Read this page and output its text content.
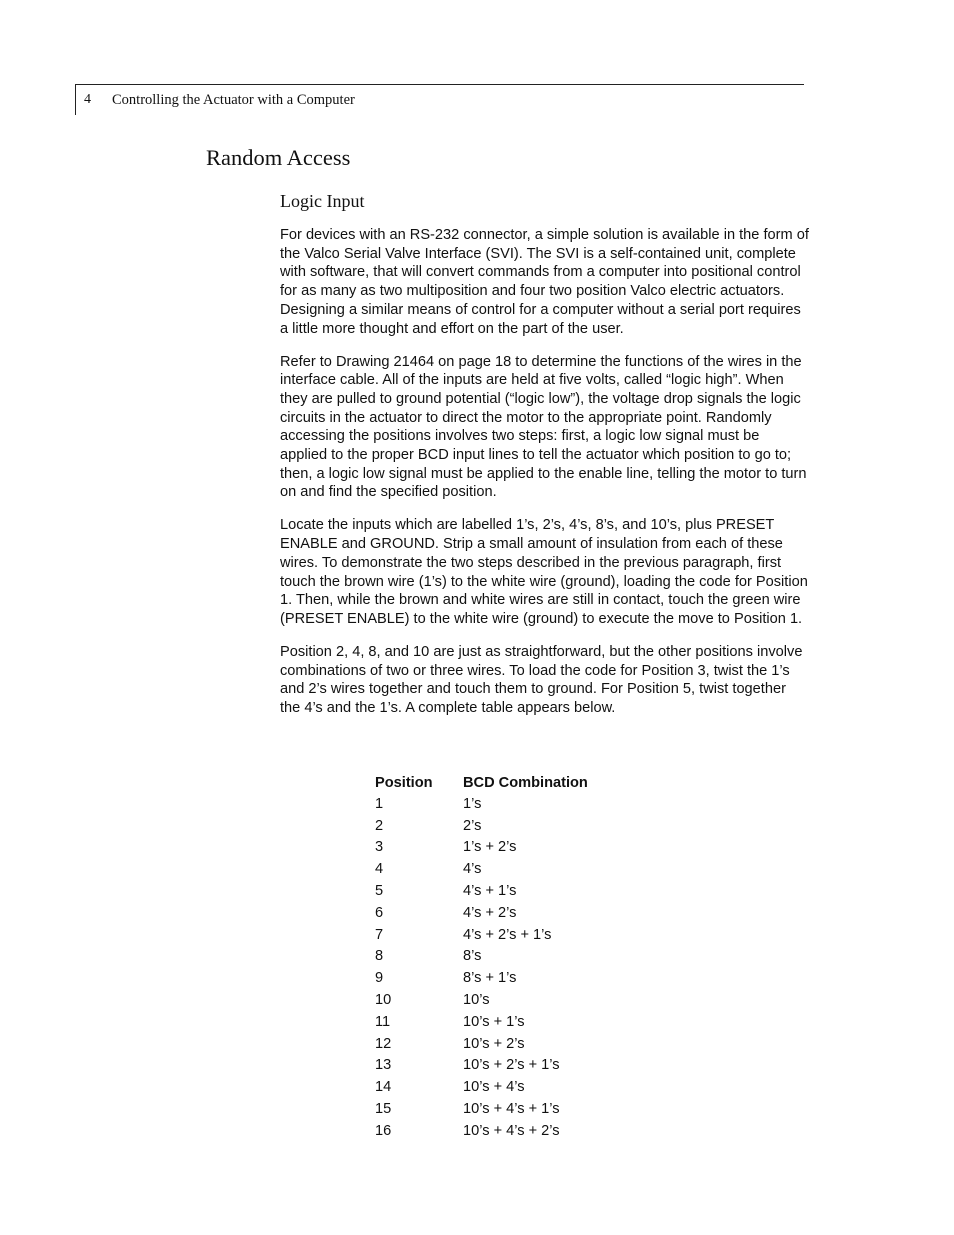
4 Controlling the Actuator with a Computer
Random Access
Logic Input

For devices with an RS-232 connector, a simple solution is available in the form of the Valco Serial Valve Interface (SVI). The SVI is a self-contained unit, complete with software, that will convert commands from a computer into positional control for as many as two multiposition and four two position Valco electric actuators. Designing a similar means of control for a computer without a serial port requires a little more thought and effort on the part of the user.

Refer to Drawing 21464 on page 18 to determine the functions of the wires in the interface cable. All of the inputs are held at five volts, called “logic high”. When they are pulled to ground potential (“logic low”), the voltage drop signals the logic circuits in the actuator to direct the motor to the appropriate point. Randomly accessing the positions involves two steps: first, a logic low signal must be applied to the proper BCD input lines to tell the actuator which position to go to; then, a logic low signal must be applied to the enable line, telling the motor to turn on and find the specified position.

Locate the inputs which are labelled 1’s, 2’s, 4’s, 8’s, and 10’s, plus PRESET ENABLE and GROUND. Strip a small amount of insulation from each of these wires. To demonstrate the two steps described in the previous paragraph, first touch the brown wire (1’s) to the white wire (ground), loading the code for Position 1. Then, while the brown and white wires are still in contact, touch the green wire (PRESET ENABLE) to the white wire (ground) to execute the move to Position 1.

Position 2, 4, 8, and 10 are just as straightforward, but the other positions involve combinations of two or three wires. To load the code for Position 3, twist the 1’s and 2’s wires together and touch them to ground. For Position 5, twist together the 4’s and the 1’s. A complete table appears below.

Position	BCD Combination
1	1’s
2	2’s
3	1’s + 2’s
4	4’s
5	4’s + 1’s
6	4’s + 2’s
7	4’s + 2’s + 1’s
8	8’s
9	8’s + 1’s
10	10’s
11	10’s + 1’s
12	10’s + 2’s
13	10’s + 2’s + 1’s
14	10’s + 4’s
15	10’s + 4’s + 1’s
16	10’s + 4’s + 2’s
